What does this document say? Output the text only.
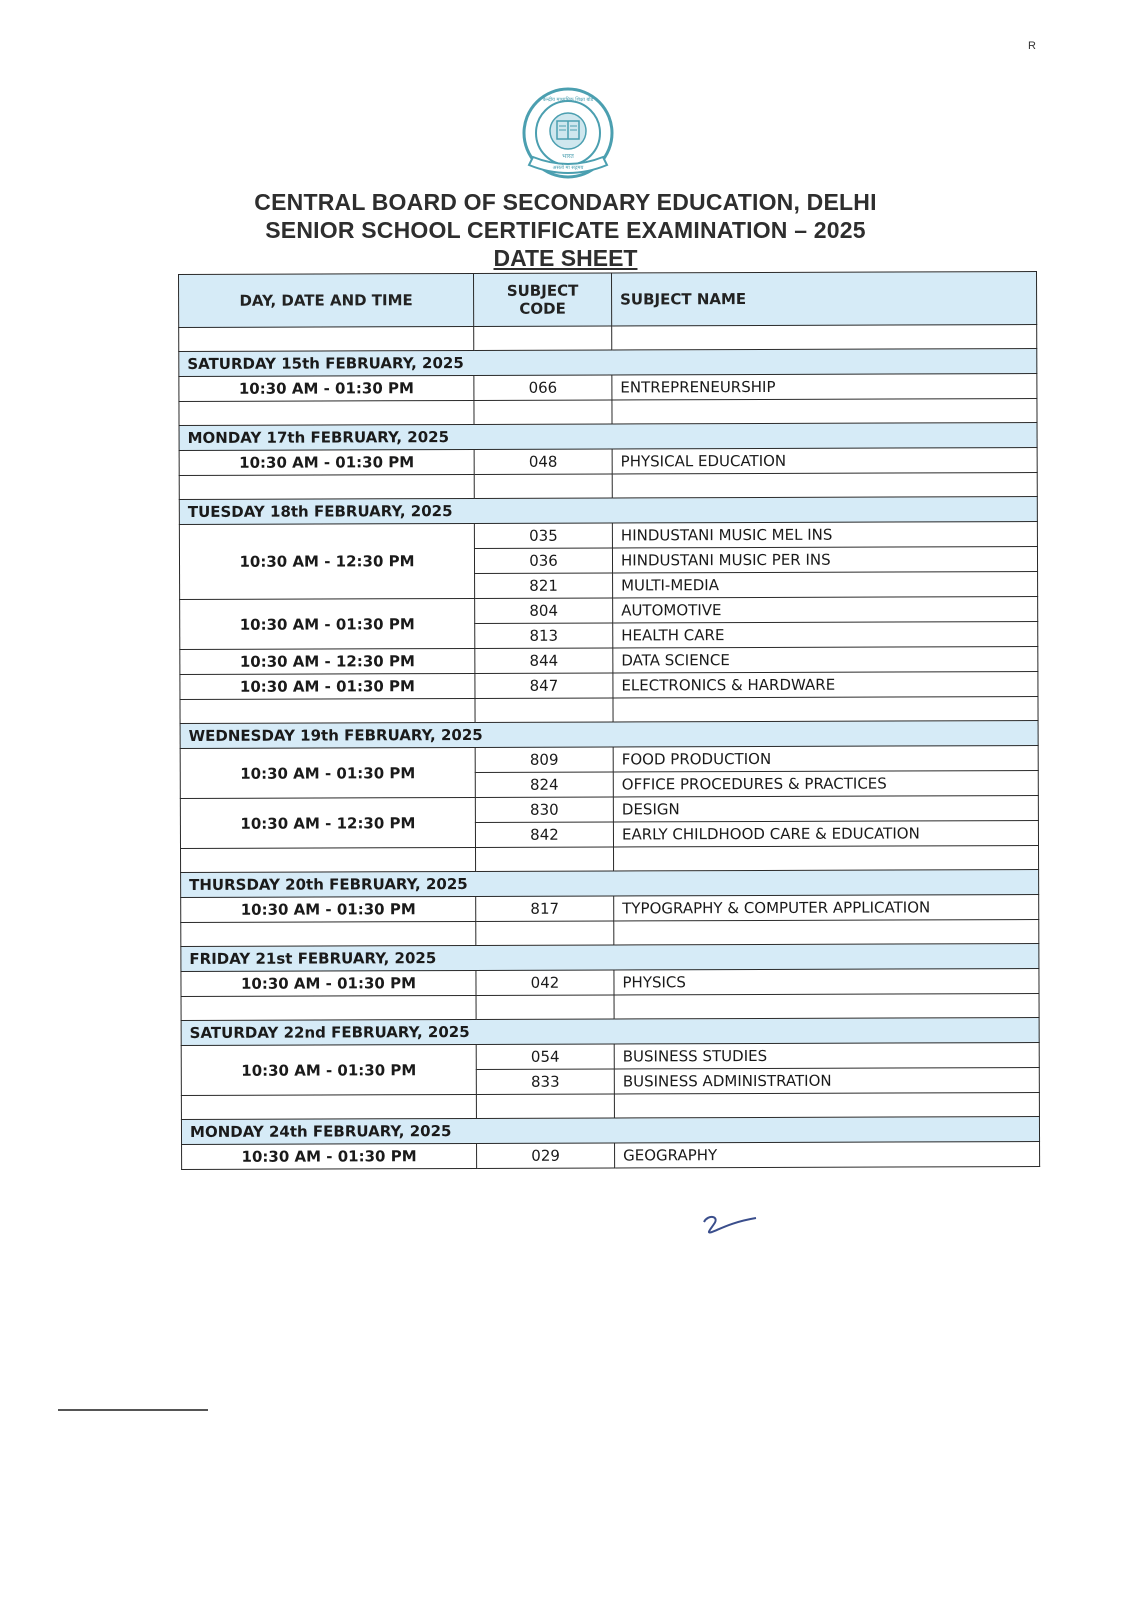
R
भारत
असतो मा सद्गमय
केन्द्रीय माध्यमिक शिक्षा बोर्ड
CENTRAL BOARD OF SECONDARY EDUCATION, DELHI
SENIOR SCHOOL CERTIFICATE EXAMINATION – 2025
DATE SHEET
DAY, DATE AND TIME	SUBJECT CODE	SUBJECT NAME

SATURDAY 15th FEBRUARY, 2025		
10:30 AM - 01:30 PM	066	ENTREPRENEURSHIP

MONDAY 17th FEBRUARY, 2025		
10:30 AM - 01:30 PM	048	PHYSICAL EDUCATION

TUESDAY 18th FEBRUARY, 2025		
10:30 AM - 12:30 PM	035	HINDUSTANI MUSIC MEL INS
	036	HINDUSTANI MUSIC PER INS
	821	MULTI-MEDIA
10:30 AM - 01:30 PM	804	AUTOMOTIVE
	813	HEALTH CARE
10:30 AM - 12:30 PM	844	DATA SCIENCE
10:30 AM - 01:30 PM	847	ELECTRONICS & HARDWARE

WEDNESDAY 19th FEBRUARY, 2025		
10:30 AM - 01:30 PM	809	FOOD PRODUCTION
	824	OFFICE PROCEDURES & PRACTICES
10:30 AM - 12:30 PM	830	DESIGN
	842	EARLY CHILDHOOD CARE & EDUCATION

THURSDAY 20th FEBRUARY, 2025		
10:30 AM - 01:30 PM	817	TYPOGRAPHY & COMPUTER APPLICATION

FRIDAY 21st FEBRUARY, 2025		
10:30 AM - 01:30 PM	042	PHYSICS

SATURDAY 22nd FEBRUARY, 2025		
10:30 AM - 01:30 PM	054	BUSINESS STUDIES
	833	BUSINESS ADMINISTRATION

MONDAY 24th FEBRUARY, 2025		
10:30 AM - 01:30 PM	029	GEOGRAPHY
